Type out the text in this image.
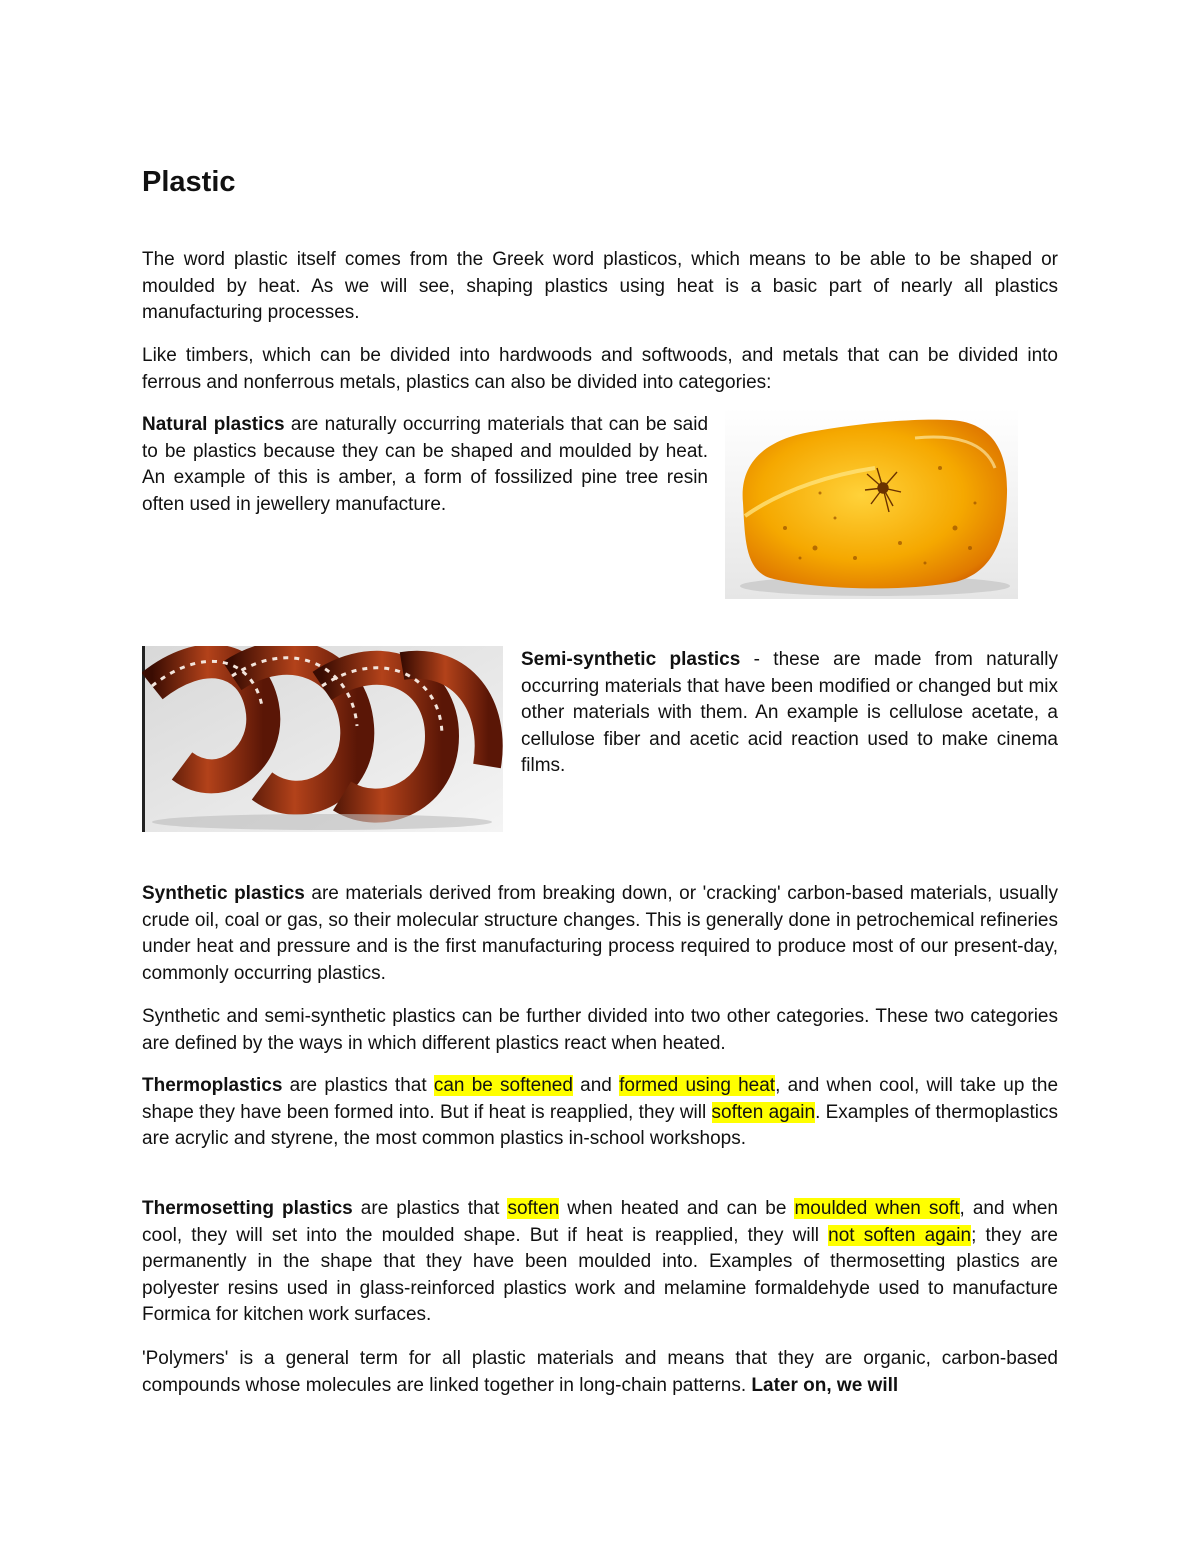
Plastic

The word plastic itself comes from the Greek word plasticos, which means to be able to be shaped or moulded by heat. As we will see, shaping plastics using heat is a basic part of nearly all plastics manufacturing processes.

Like timbers, which can be divided into hardwoods and softwoods, and metals that can be divided into ferrous and nonferrous metals, plastics can also be divided into categories:

Natural plastics are naturally occurring materials that can be said to be plastics because they can be shaped and moulded by heat. An example of this is amber, a form of fossilized pine tree resin often used in jewellery manufacture.

Semi-synthetic plastics - these are made from naturally occurring materials that have been modified or changed but mix other materials with them. An example is cellulose acetate, a cellulose fiber and acetic acid reaction used to make cinema films.

Synthetic plastics are materials derived from breaking down, or 'cracking' carbon-based materials, usually crude oil, coal or gas, so their molecular structure changes. This is generally done in petrochemical refineries under heat and pressure and is the first manufacturing process required to produce most of our present-day, commonly occurring plastics.

Synthetic and semi-synthetic plastics can be further divided into two other categories. These two categories are defined by the ways in which different plastics react when heated.

Thermoplastics are plastics that can be softened and formed using heat, and when cool, will take up the shape they have been formed into. But if heat is reapplied, they will soften again. Examples of thermoplastics are acrylic and styrene, the most common plastics in-school workshops.

Thermosetting plastics are plastics that soften when heated and can be moulded when soft, and when cool, they will set into the moulded shape. But if heat is reapplied, they will not soften again; they are permanently in the shape that they have been moulded into. Examples of thermosetting plastics are polyester resins used in glass-reinforced plastics work and melamine formaldehyde used to manufacture Formica for kitchen work surfaces.

'Polymers' is a general term for all plastic materials and means that they are organic, carbon-based compounds whose molecules are linked together in long-chain patterns. Later on, we will
